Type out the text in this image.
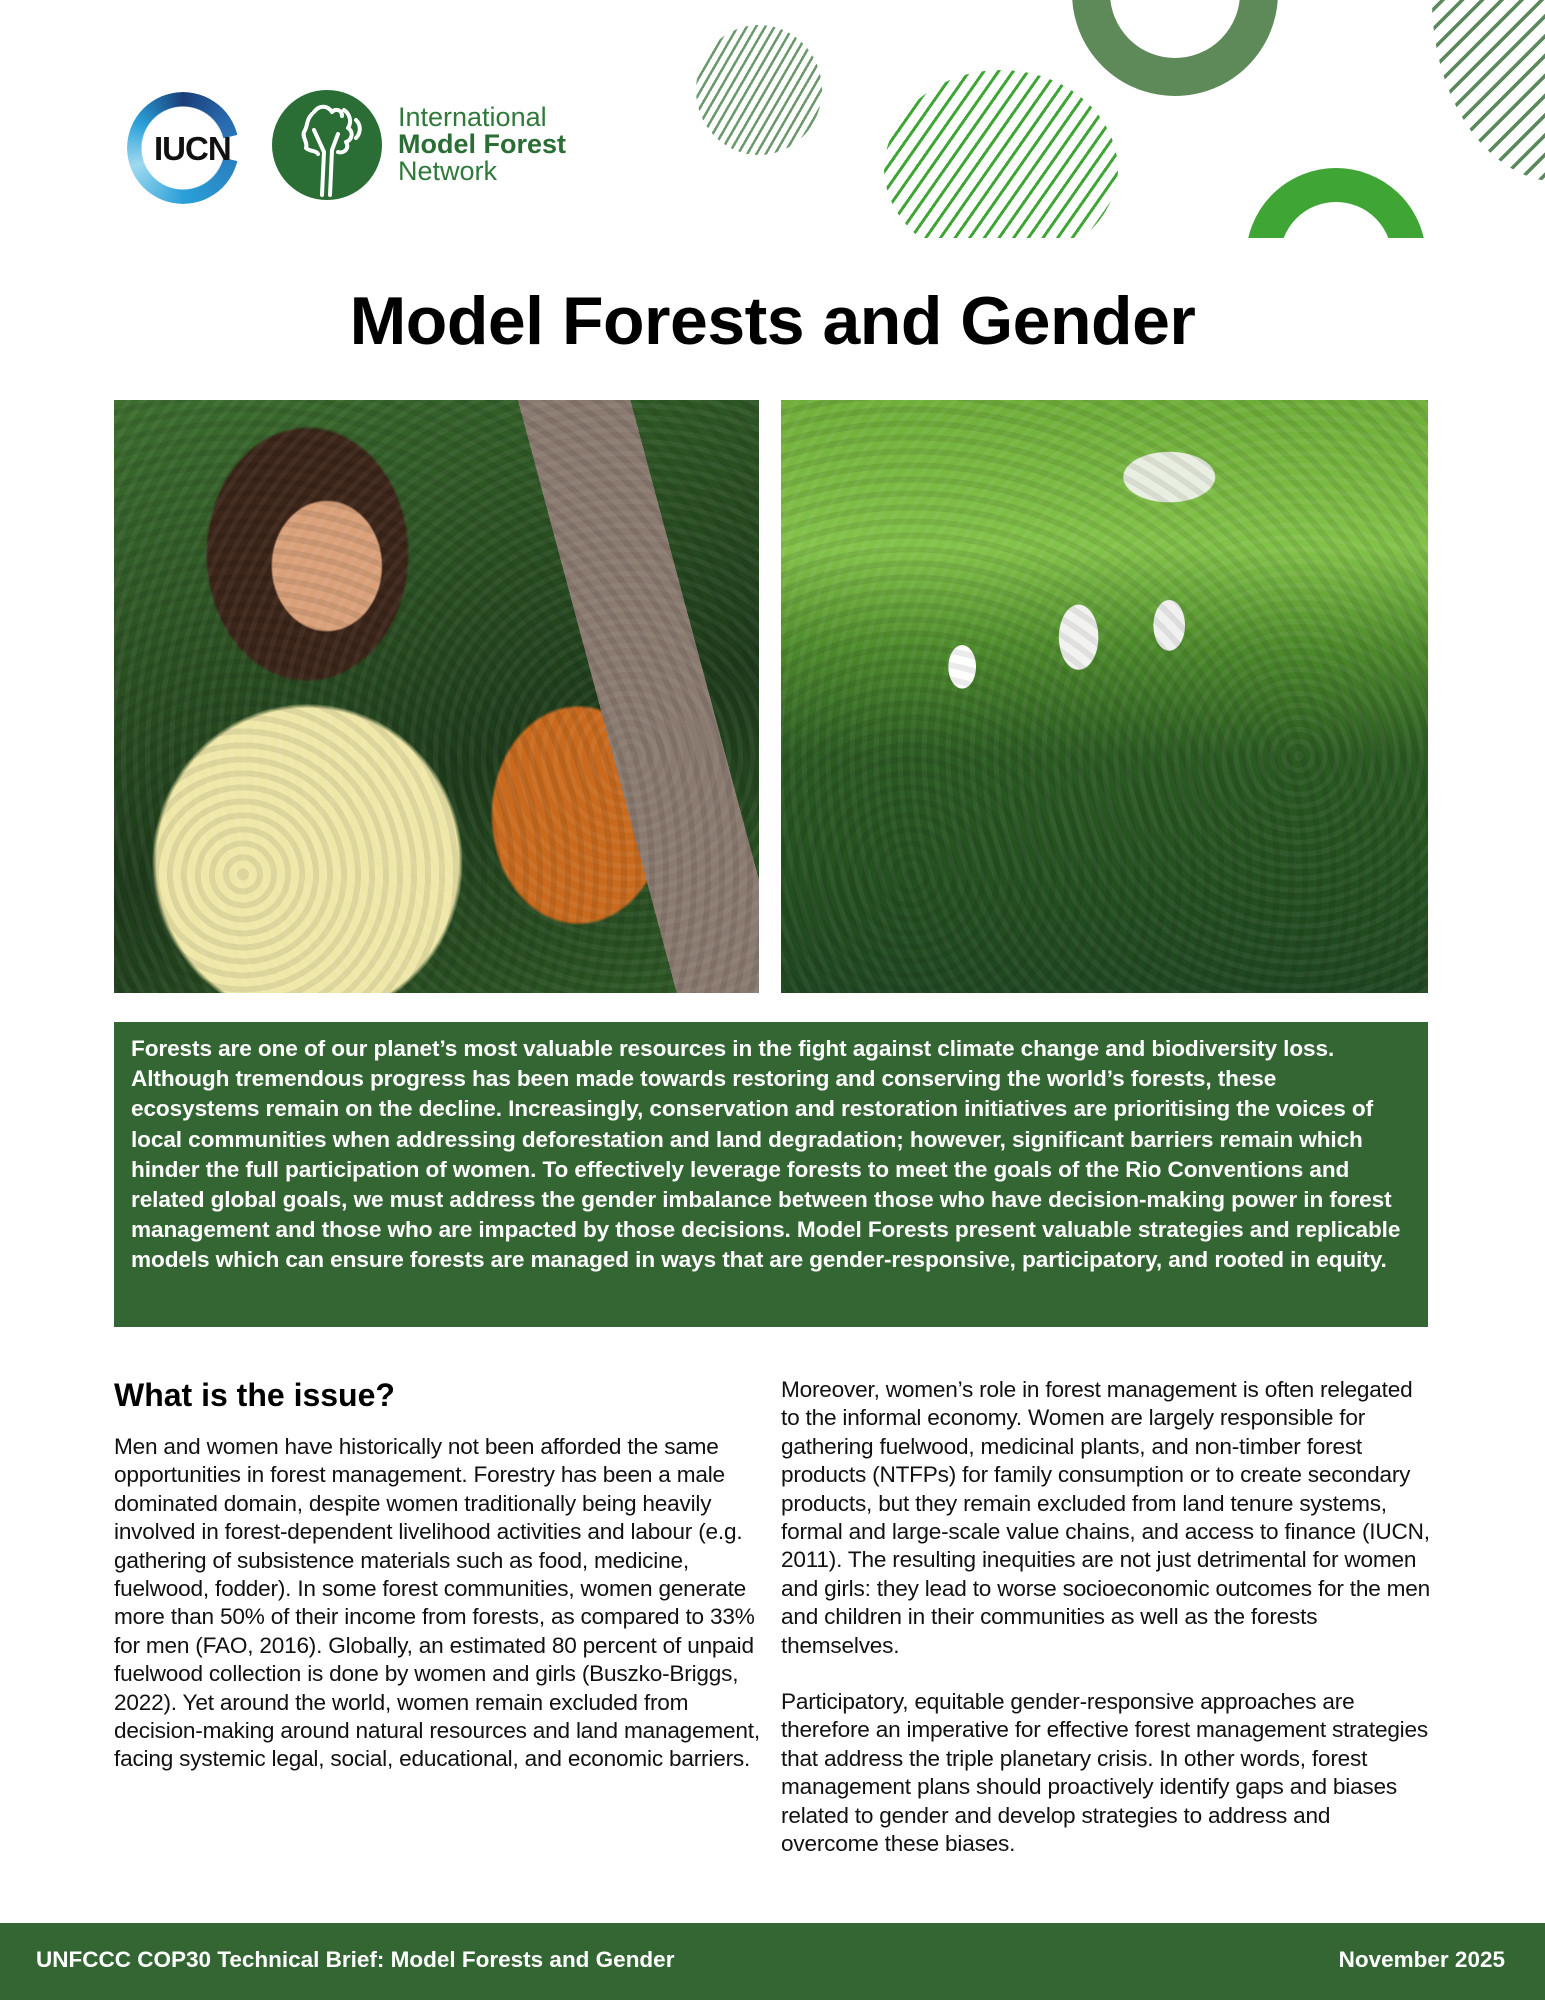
IUCN
International
Model Forest
Network
Model Forests and Gender

Forests are one of our planet’s most valuable resources in the fight against climate change and biodiversity loss. Although tremendous progress has been made towards restoring and conserving the world’s forests, these ecosystems remain on the decline. Increasingly, conservation and restoration initiatives are prioritising the voices of local communities when addressing deforestation and land degradation; however, significant barriers remain which hinder the full participation of women. To effectively leverage forests to meet the goals of the Rio Conventions and related global goals, we must address the gender imbalance between those who have decision-making power in forest management and those who are impacted by those decisions. Model Forests present valuable strategies and replicable models which can ensure forests are managed in ways that are gender-responsive, participatory, and rooted in equity.

What is the issue?

Men and women have historically not been afforded the same opportunities in forest management. Forestry has been a male dominated domain, despite women traditionally being heavily involved in forest-dependent livelihood activities and labour (e.g. gathering of subsistence materials such as food, medicine, fuelwood, fodder). In some forest communities, women generate more than 50% of their income from forests, as compared to 33% for men (FAO, 2016). Globally, an estimated 80 percent of unpaid fuelwood collection is done by women and girls (Buszko-Briggs, 2022). Yet around the world, women remain excluded from decision-making around natural resources and land management, facing systemic legal, social, educational, and economic barriers.

Moreover, women’s role in forest management is often relegated to the informal economy. Women are largely responsible for gathering fuelwood, medicinal plants, and non-timber forest products (NTFPs) for family consumption or to create secondary products, but they remain excluded from land tenure systems, formal and large-scale value chains, and access to finance (IUCN, 2011). The resulting inequities are not just detrimental for women and girls: they lead to worse socioeconomic outcomes for the men and children in their communities as well as the forests themselves.

Participatory, equitable gender-responsive approaches are therefore an imperative for effective forest management strategies that address the triple planetary crisis. In other words, forest management plans should proactively identify gaps and biases related to gender and develop strategies to address and overcome these biases.

UNFCCC COP30 Technical Brief: Model Forests and Gender	November 2025
